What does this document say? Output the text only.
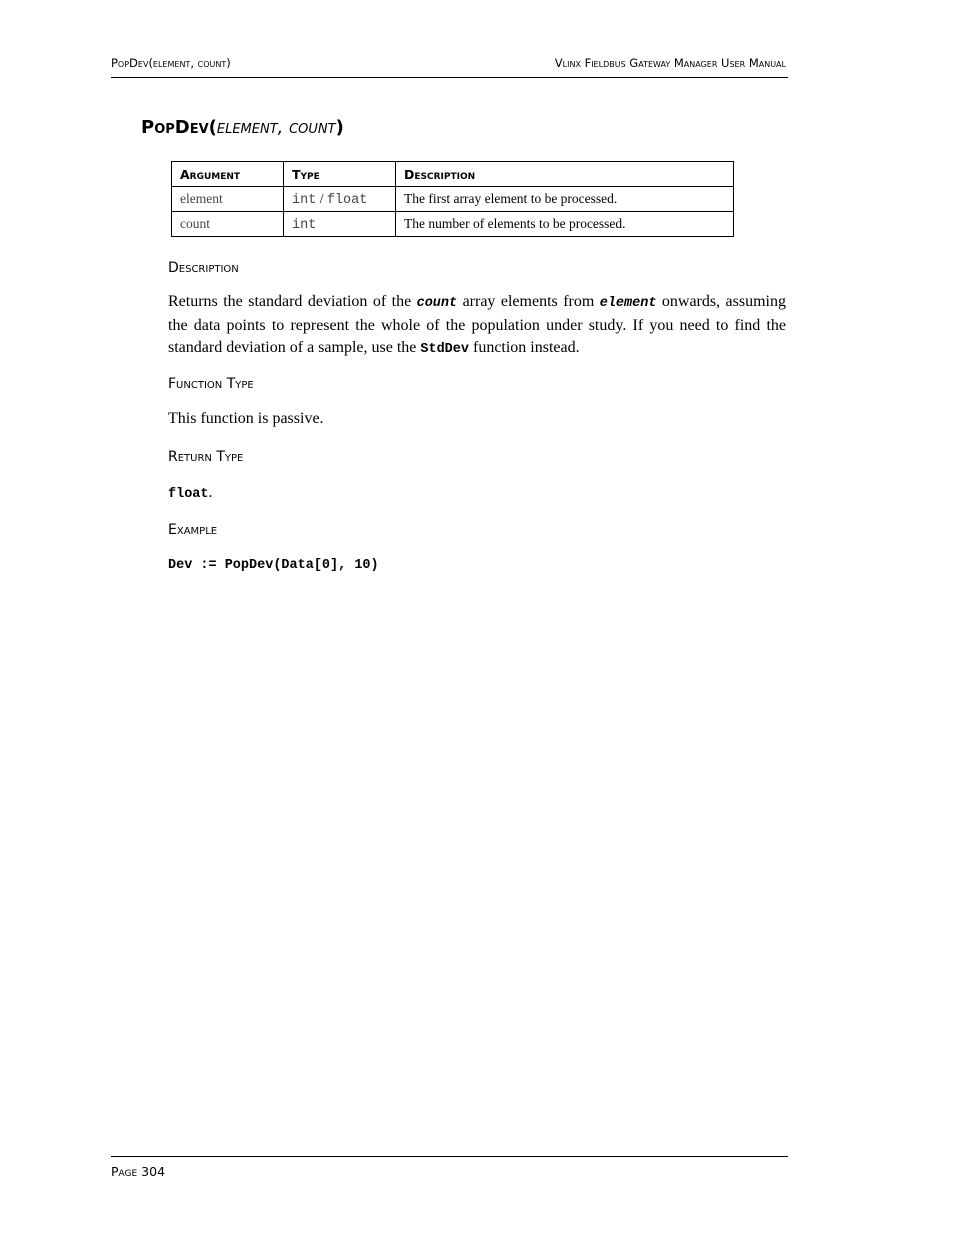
PopDev(element, count)	Vlinx Fieldbus Gateway Manager User Manual
PopDev(element, count)
Argument	Type	Description
element	int / float	The first array element to be processed.
count	int	The number of elements to be processed.
Description

Returns the standard deviation of the count array elements from element onwards, assuming the data points to represent the whole of the population under study. If you need to find the standard deviation of a sample, use the StdDev function instead.

Function Type

This function is passive.

Return Type

float.

Example

Dev := PopDev(Data[0], 10)

Page 304
